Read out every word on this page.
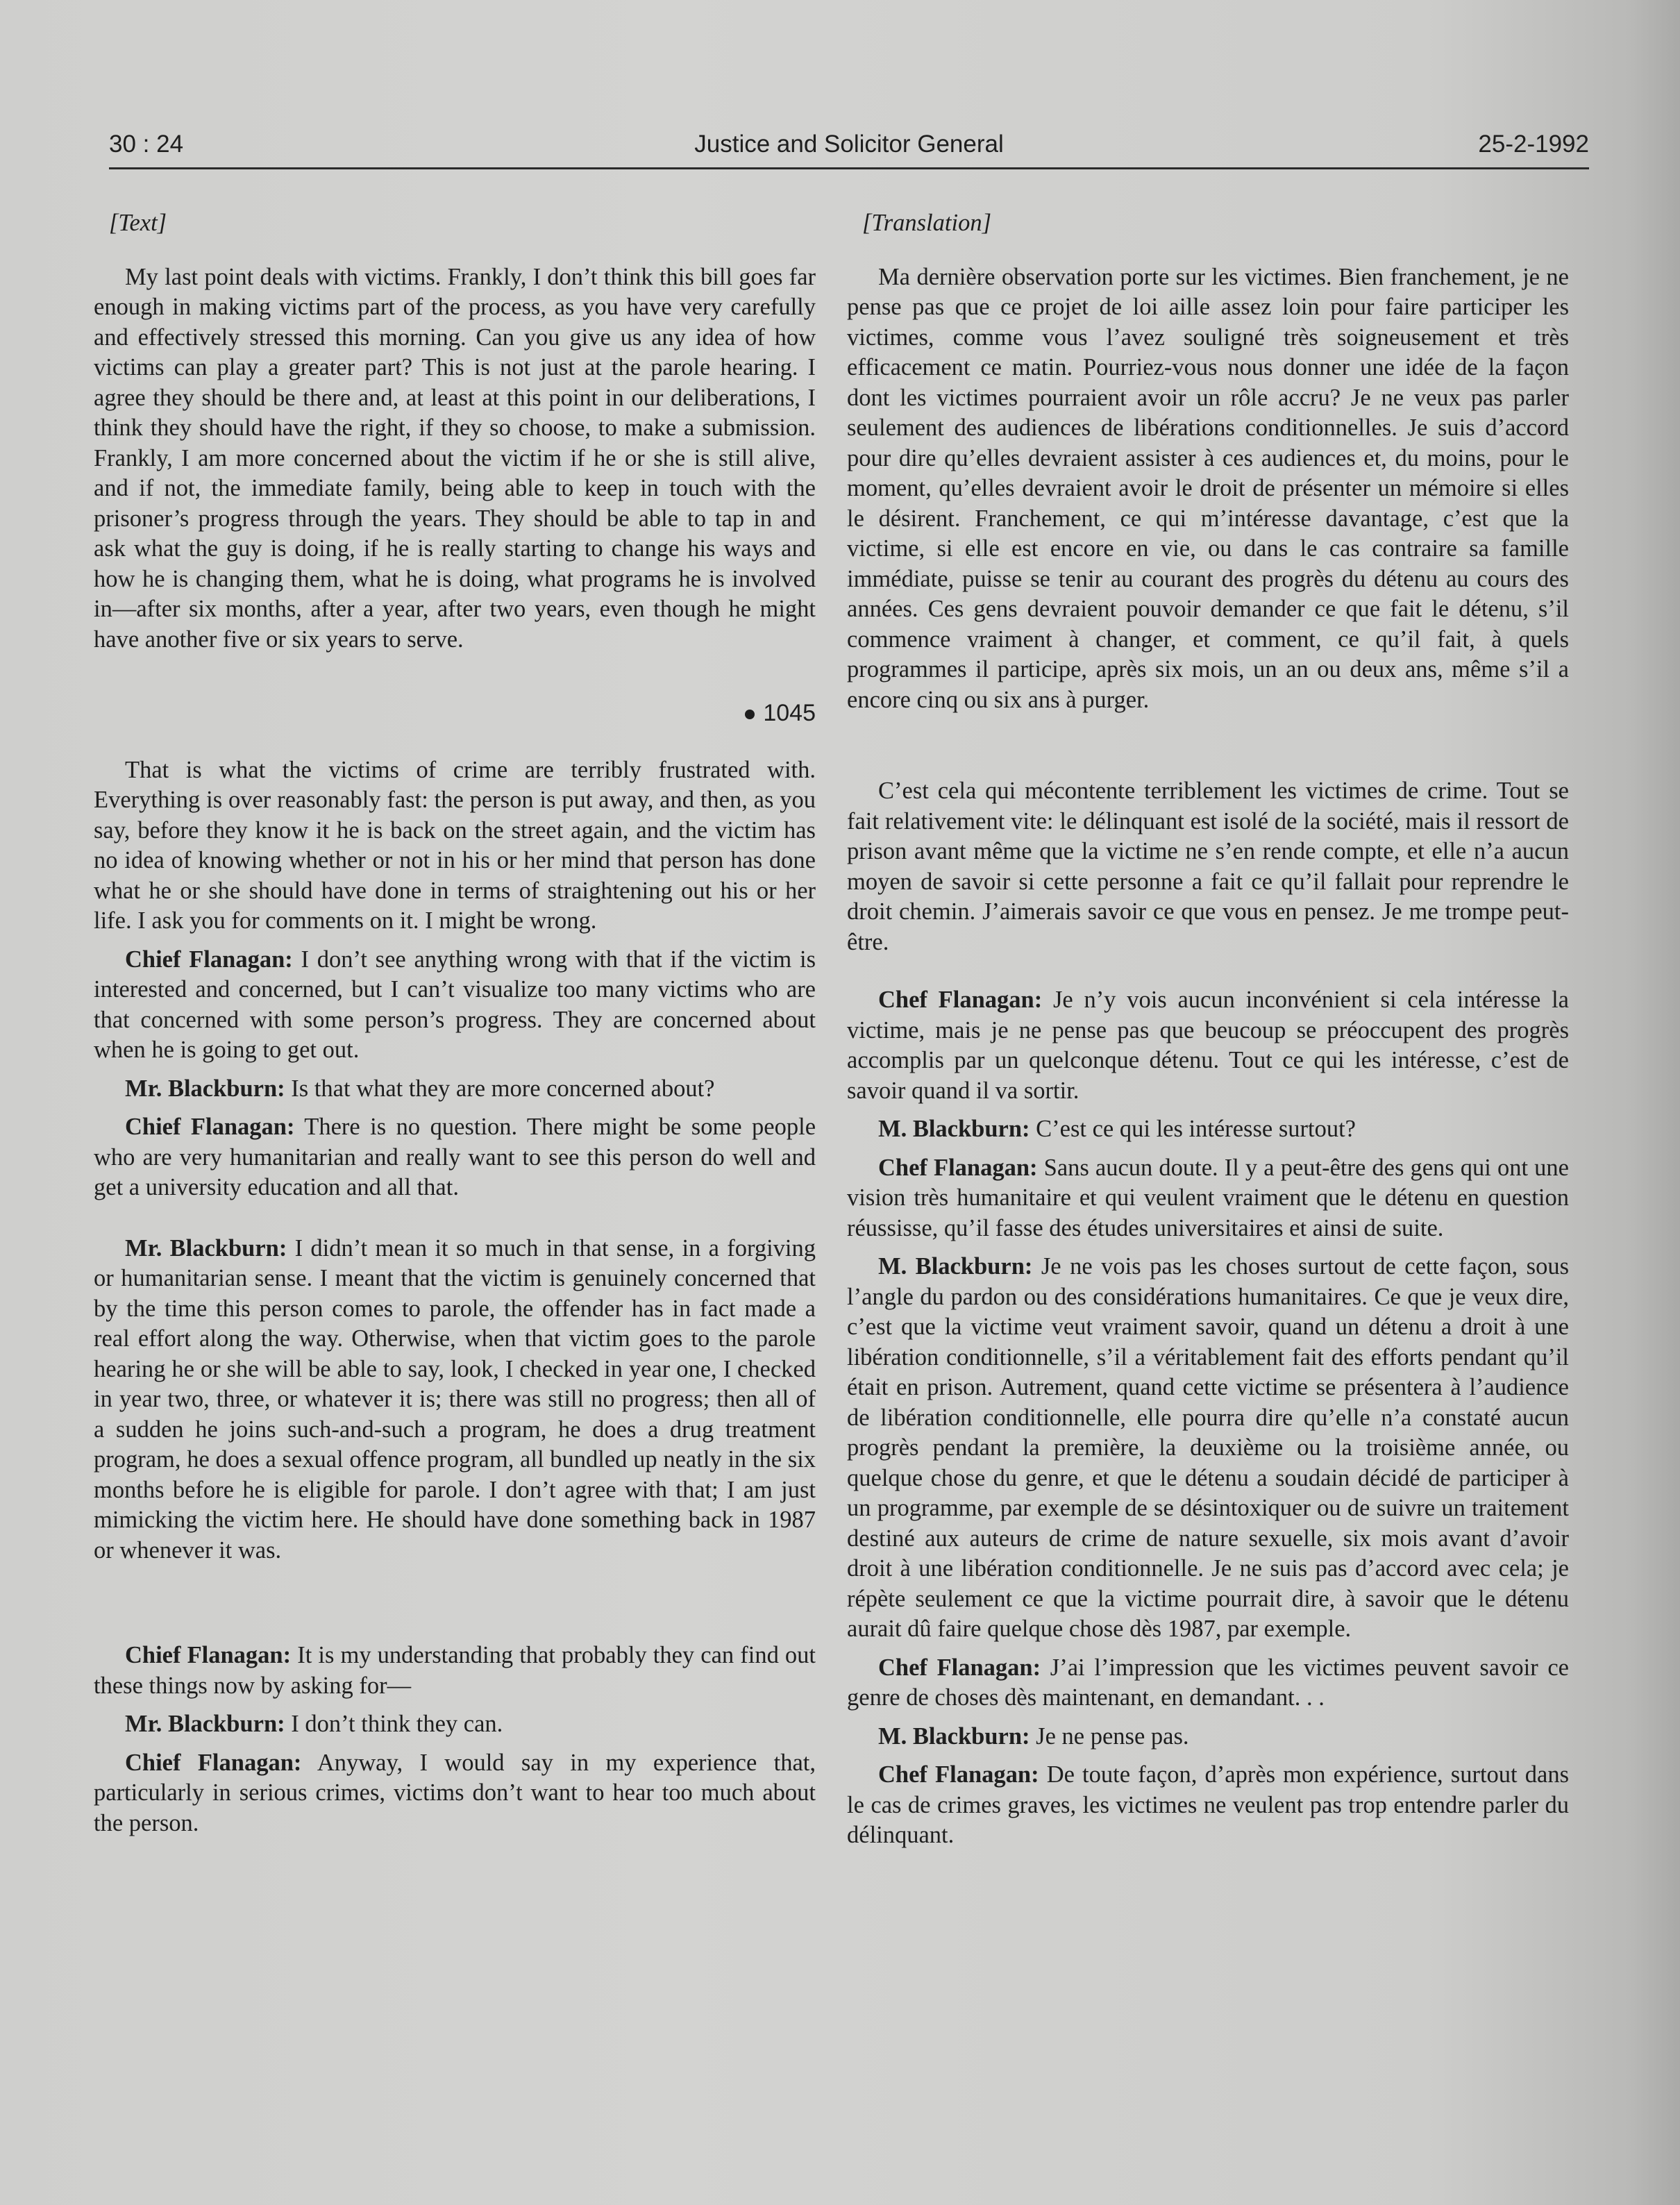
30 : 24	Justice and Solicitor General	25-2-1992
[Text]

My last point deals with victims. Frankly, I don’t think this bill goes far enough in making victims part of the process, as you have very carefully and effectively stressed this morning. Can you give us any idea of how victims can play a greater part? This is not just at the parole hearing. I agree they should be there and, at least at this point in our deliberations, I think they should have the right, if they so choose, to make a submission. Frankly, I am more concerned about the victim if he or she is still alive, and if not, the immediate family, being able to keep in touch with the prisoner’s progress through the years. They should be able to tap in and ask what the guy is doing, if he is really starting to change his ways and how he is changing them, what he is doing, what programs he is involved in—after six months, after a year, after two years, even though he might have another five or six years to serve.

1045

That is what the victims of crime are terribly frustrated with. Everything is over reasonably fast: the person is put away, and then, as you say, before they know it he is back on the street again, and the victim has no idea of knowing whether or not in his or her mind that person has done what he or she should have done in terms of straightening out his or her life. I ask you for comments on it. I might be wrong.

Chief Flanagan: I don’t see anything wrong with that if the victim is interested and concerned, but I can’t visualize too many victims who are that concerned with some person’s progress. They are concerned about when he is going to get out.

Mr. Blackburn: Is that what they are more concerned about?

Chief Flanagan: There is no question. There might be some people who are very humanitarian and really want to see this person do well and get a university education and all that.

Mr. Blackburn: I didn’t mean it so much in that sense, in a forgiving or humanitarian sense. I meant that the victim is genuinely concerned that by the time this person comes to parole, the offender has in fact made a real effort along the way. Otherwise, when that victim goes to the parole hearing he or she will be able to say, look, I checked in year one, I checked in year two, three, or whatever it is; there was still no progress; then all of a sudden he joins such-and-such a program, he does a drug treatment program, he does a sexual offence program, all bundled up neatly in the six months before he is eligible for parole. I don’t agree with that; I am just mimicking the victim here. He should have done something back in 1987 or whenever it was.

Chief Flanagan: It is my understanding that probably they can find out these things now by asking for—

Mr. Blackburn: I don’t think they can.

Chief Flanagan: Anyway, I would say in my experience that, particularly in serious crimes, victims don’t want to hear too much about the person.

[Translation]

Ma dernière observation porte sur les victimes. Bien franchement, je ne pense pas que ce projet de loi aille assez loin pour faire participer les victimes, comme vous l’avez souligné très soigneusement et très efficacement ce matin. Pourriez-vous nous donner une idée de la façon dont les victimes pourraient avoir un rôle accru? Je ne veux pas parler seulement des audiences de libérations conditionnelles. Je suis d’accord pour dire qu’elles devraient assister à ces audiences et, du moins, pour le moment, qu’elles devraient avoir le droit de présenter un mémoire si elles le désirent. Franchement, ce qui m’intéresse davantage, c’est que la victime, si elle est encore en vie, ou dans le cas contraire sa famille immédiate, puisse se tenir au courant des progrès du détenu au cours des années. Ces gens devraient pouvoir demander ce que fait le détenu, s’il commence vraiment à changer, et comment, ce qu’il fait, à quels programmes il participe, après six mois, un an ou deux ans, même s’il a encore cinq ou six ans à purger.

C’est cela qui mécontente terriblement les victimes de crime. Tout se fait relativement vite: le délinquant est isolé de la société, mais il ressort de prison avant même que la victime ne s’en rende compte, et elle n’a aucun moyen de savoir si cette personne a fait ce qu’il fallait pour reprendre le droit chemin. J’aimerais savoir ce que vous en pensez. Je me trompe peut-être.

Chef Flanagan: Je n’y vois aucun inconvénient si cela intéresse la victime, mais je ne pense pas que beucoup se préoccupent des progrès accomplis par un quelconque détenu. Tout ce qui les intéresse, c’est de savoir quand il va sortir.

M. Blackburn: C’est ce qui les intéresse surtout?

Chef Flanagan: Sans aucun doute. Il y a peut-être des gens qui ont une vision très humanitaire et qui veulent vraiment que le détenu en question réussisse, qu’il fasse des études universitaires et ainsi de suite.

M. Blackburn: Je ne vois pas les choses surtout de cette façon, sous l’angle du pardon ou des considérations humanitaires. Ce que je veux dire, c’est que la victime veut vraiment savoir, quand un détenu a droit à une libération conditionnelle, s’il a véritablement fait des efforts pendant qu’il était en prison. Autrement, quand cette victime se présentera à l’audience de libération conditionnelle, elle pourra dire qu’elle n’a constaté aucun progrès pendant la première, la deuxième ou la troisième année, ou quelque chose du genre, et que le détenu a soudain décidé de participer à un programme, par exemple de se désintoxiquer ou de suivre un traitement destiné aux auteurs de crime de nature sexuelle, six mois avant d’avoir droit à une libération conditionnelle. Je ne suis pas d’accord avec cela; je répète seulement ce que la victime pourrait dire, à savoir que le détenu aurait dû faire quelque chose dès 1987, par exemple.

Chef Flanagan: J’ai l’impression que les victimes peuvent savoir ce genre de choses dès maintenant, en demandant. . .

M. Blackburn: Je ne pense pas.

Chef Flanagan: De toute façon, d’après mon expérience, surtout dans le cas de crimes graves, les victimes ne veulent pas trop entendre parler du délinquant.
